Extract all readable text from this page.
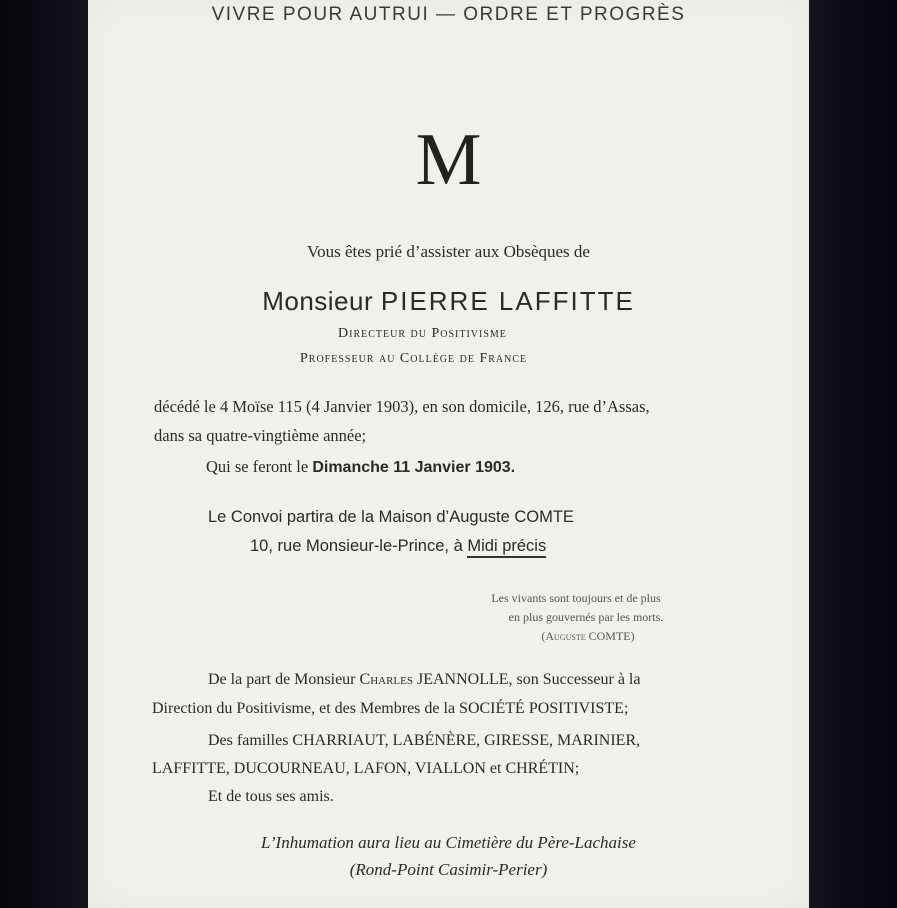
VIVRE POUR AUTRUI — ORDRE ET PROGRÈS
M
Vous êtes prié d’assister aux Obsèques de
Monsieur PIERRE LAFFITTE
Directeur du Positivisme
Professeur au Collège de France
décédé le 4 Moïse 115 (4 Janvier 1903), en son domicile, 126, rue d’Assas,
dans sa quatre-vingtième année;
Qui se feront le Dimanche 11 Janvier 1903.
Le Convoi partira de la Maison d’Auguste COMTE
10, rue Monsieur-le-Prince, à Midi précis
Les vivants sont toujours et de plus
en plus gouvernés par les morts.
(Auguste COMTE)
De la part de Monsieur Charles JEANNOLLE, son Successeur à la
Direction du Positivisme, et des Membres de la SOCIÉTÉ POSITIVISTE;
Des familles CHARRIAUT, LABÉNÈRE, GIRESSE, MARINIER,
LAFFITTE, DUCOURNEAU, LAFON, VIALLON et CHRÉTIN;
Et de tous ses amis.
L’Inhumation aura lieu au Cimetière du Père-Lachaise
(Rond-Point Casimir-Perier)
